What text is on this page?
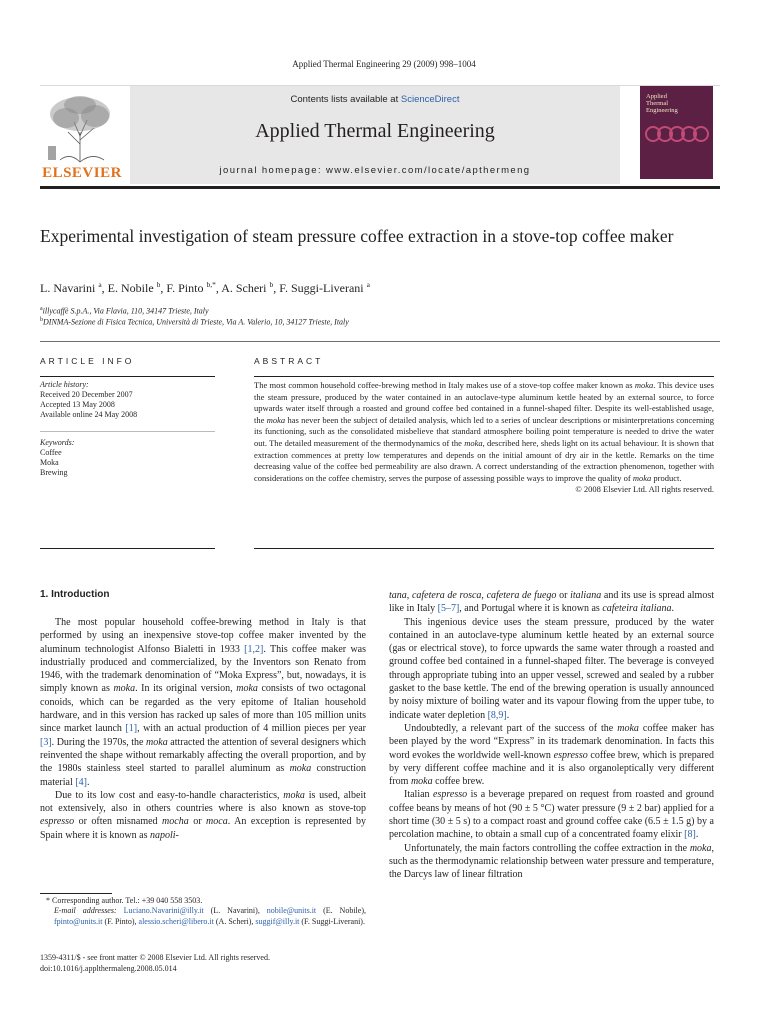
Applied Thermal Engineering 29 (2009) 998–1004
ELSEVIER
Contents lists available at ScienceDirect
Applied Thermal Engineering
journal homepage: www.elsevier.com/locate/apthermeng
Applied
Thermal
Engineering
Experimental investigation of steam pressure coffee extraction in a stove-top coffee maker
L. Navarini $^a$, E. Nobile $^b$, F. Pinto $^{b,*}$, A. Scheri $^b$, F. Suggi-Liverani $^a$
$^a$illycaffè S.p.A., Via Flavia, 110, 34147 Trieste, Italy
$^b$DINMA-Sezione di Fisica Tecnica, Università di Trieste, Via A. Valerio, 10, 34127 Trieste, Italy
ARTICLE INFO
Article history:
Received 20 December 2007
Accepted 13 May 2008
Available online 24 May 2008
Keywords:
Coffee
Moka
Brewing
ABSTRACT
The most common household coffee-brewing method in Italy makes use of a stove-top coffee maker known as moka. This device uses the steam pressure, produced by the water contained in an autoclave-type aluminum kettle heated by an external source, to force upwards water itself through a roasted and ground coffee bed contained in a funnel-shaped filter. Despite its well-established usage, the moka has never been the subject of detailed analysis, which led to a series of unclear descriptions or misinterpretations concerning its functioning, such as the consolidated misbelieve that standard atmosphere boiling point temperature is needed to drive the water out. The detailed measurement of the thermodynamics of the moka, described here, sheds light on its actual behaviour. It is shown that extraction commences at pretty low temperatures and depends on the initial amount of dry air in the kettle. Remarks on the time decreasing value of the coffee bed permeability are also drawn. A correct understanding of the extraction phenomenon, together with considerations on the coffee chemistry, serves the purpose of assessing possible ways to improve the quality of moka product.
© 2008 Elsevier Ltd. All rights reserved.
1. Introduction

The most popular household coffee-brewing method in Italy is that performed by using an inexpensive stove-top coffee maker invented by the aluminum technologist Alfonso Bialetti in 1933 [1,2]. This coffee maker was industrially produced and commercialized, by the Inventors son Renato from 1946, with the trademark denomination of “Moka Express”, but, nowadays, it is simply known as moka. In its original version, moka consists of two octagonal conoids, which can be regarded as the very epitome of Italian household hardware, and in this version has racked up sales of more than 105 million units since market launch [1], with an actual production of 4 million pieces per year [3]. During the 1970s, the moka attracted the attention of several designers which reinvented the shape without remarkably affecting the overall proportion, and by the 1980s stainless steel started to parallel aluminum as moka construction material [4].

Due to its low cost and easy-to-handle characteristics, moka is used, albeit not extensively, also in others countries where is also known as stove-top espresso or often misnamed mocha or moca. An exception is represented by Spain where it is known as napoli-

tana, cafetera de rosca, cafetera de fuego or italiana and its use is spread almost like in Italy [5–7], and Portugal where it is known as cafeteira italiana.

This ingenious device uses the steam pressure, produced by the water contained in an autoclave-type aluminum kettle heated by an external source (gas or electrical stove), to force upwards the same water through a roasted and ground coffee bed contained in a funnel-shaped filter. The beverage is conveyed through appropriate tubing into an upper vessel, screwed and sealed by a rubber gasket to the base kettle. The end of the brewing operation is usually announced by noisy mixture of boiling water and its vapour flowing from the upper tube, to indicate water depletion [8,9].

Undoubtedly, a relevant part of the success of the moka coffee maker has been played by the word “Express” in its trademark denomination. In facts this word evokes the worldwide well-known espresso coffee brew, which is prepared by very different coffee machine and it is also organoleptically very different from moka coffee brew.

Italian espresso is a beverage prepared on request from roasted and ground coffee beans by means of hot (90 ± 5 °C) water pressure (9 ± 2 bar) applied for a short time (30 ± 5 s) to a compact roast and ground coffee cake (6.5 ± 1.5 g) by a percolation machine, to obtain a small cup of a concentrated foamy elixir [8].

Unfortunately, the main factors controlling the coffee extraction in the moka, such as the thermodynamic relationship between water pressure and temperature, the Darcys law of linear filtration

* Corresponding author. Tel.: +39 040 558 3503.
E-mail addresses: Luciano.Navarini@illy.it (L. Navarini), nobile@units.it (E. Nobile), fpinto@units.it (F. Pinto), alessio.scheri@libero.it (A. Scheri), suggif@illy.it (F. Suggi-Liverani).
1359-4311/$ - see front matter © 2008 Elsevier Ltd. All rights reserved.
doi:10.1016/j.applthermaleng.2008.05.014
